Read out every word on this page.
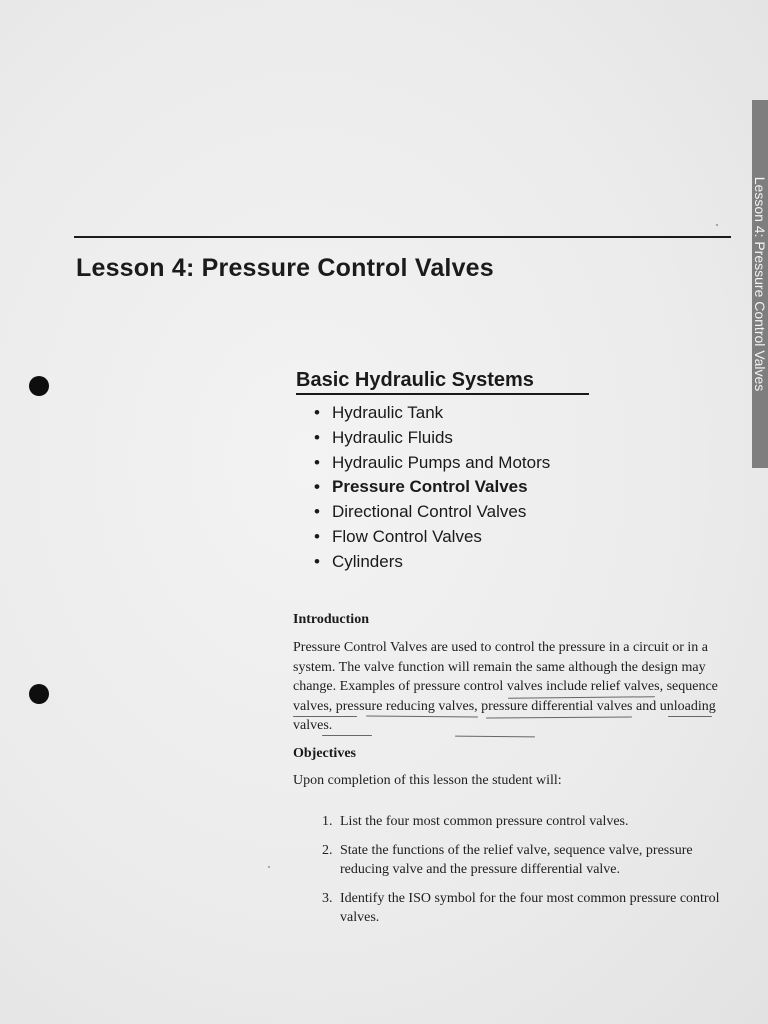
Lesson 4: Pressure Control Valves	Lesson 4: Pressure Control Valves
Basic Hydraulic Systems
• Hydraulic Tank
• Hydraulic Fluids
• Hydraulic Pumps and Motors
• Pressure Control Valves
• Directional Control Valves
• Flow Control Valves
• Cylinders
Introduction
Pressure Control Valves are used to control the pressure in a circuit or in a system. The valve function will remain the same although the design may change. Examples of pressure control valves include relief valves, sequence valves, pressure reducing valves, pressure differential valves and unloading valves.
Objectives
Upon completion of this lesson the student will:
1. List the four most common pressure control valves.
2. State the functions of the relief valve, sequence valve, pressure reducing valve and the pressure differential valve.
3. Identify the ISO symbol for the four most common pressure control valves.
